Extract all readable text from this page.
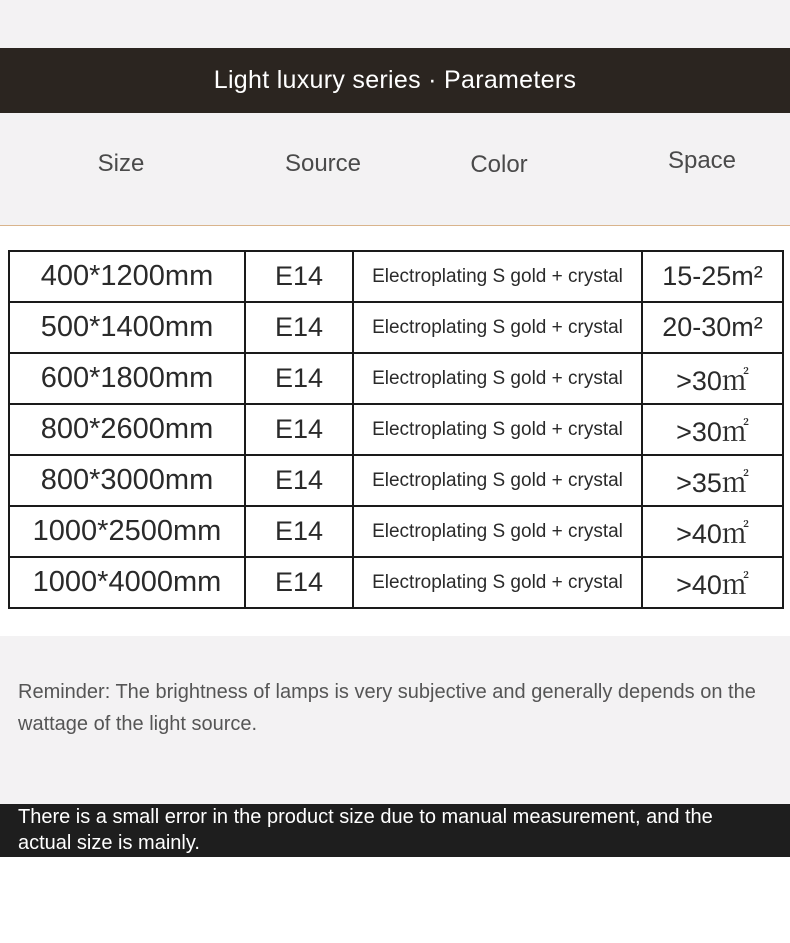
Light luxury series · Parameters
Size	Source	Color	Space
400*1200mm	E14	Electroplating S gold + crystal	15-25m²
500*1400mm	E14	Electroplating S gold + crystal	20-30m²
600*1800mm	E14	Electroplating S gold + crystal	>30㎡
800*2600mm	E14	Electroplating S gold + crystal	>30㎡
800*3000mm	E14	Electroplating S gold + crystal	>35㎡
1000*2500mm	E14	Electroplating S gold + crystal	>40㎡
1000*4000mm	E14	Electroplating S gold + crystal	>40㎡
Reminder: The brightness of lamps is very subjective and generally depends on the wattage of the light source.
There is a small error in the product size due to manual measurement, and the actual size is mainly.
